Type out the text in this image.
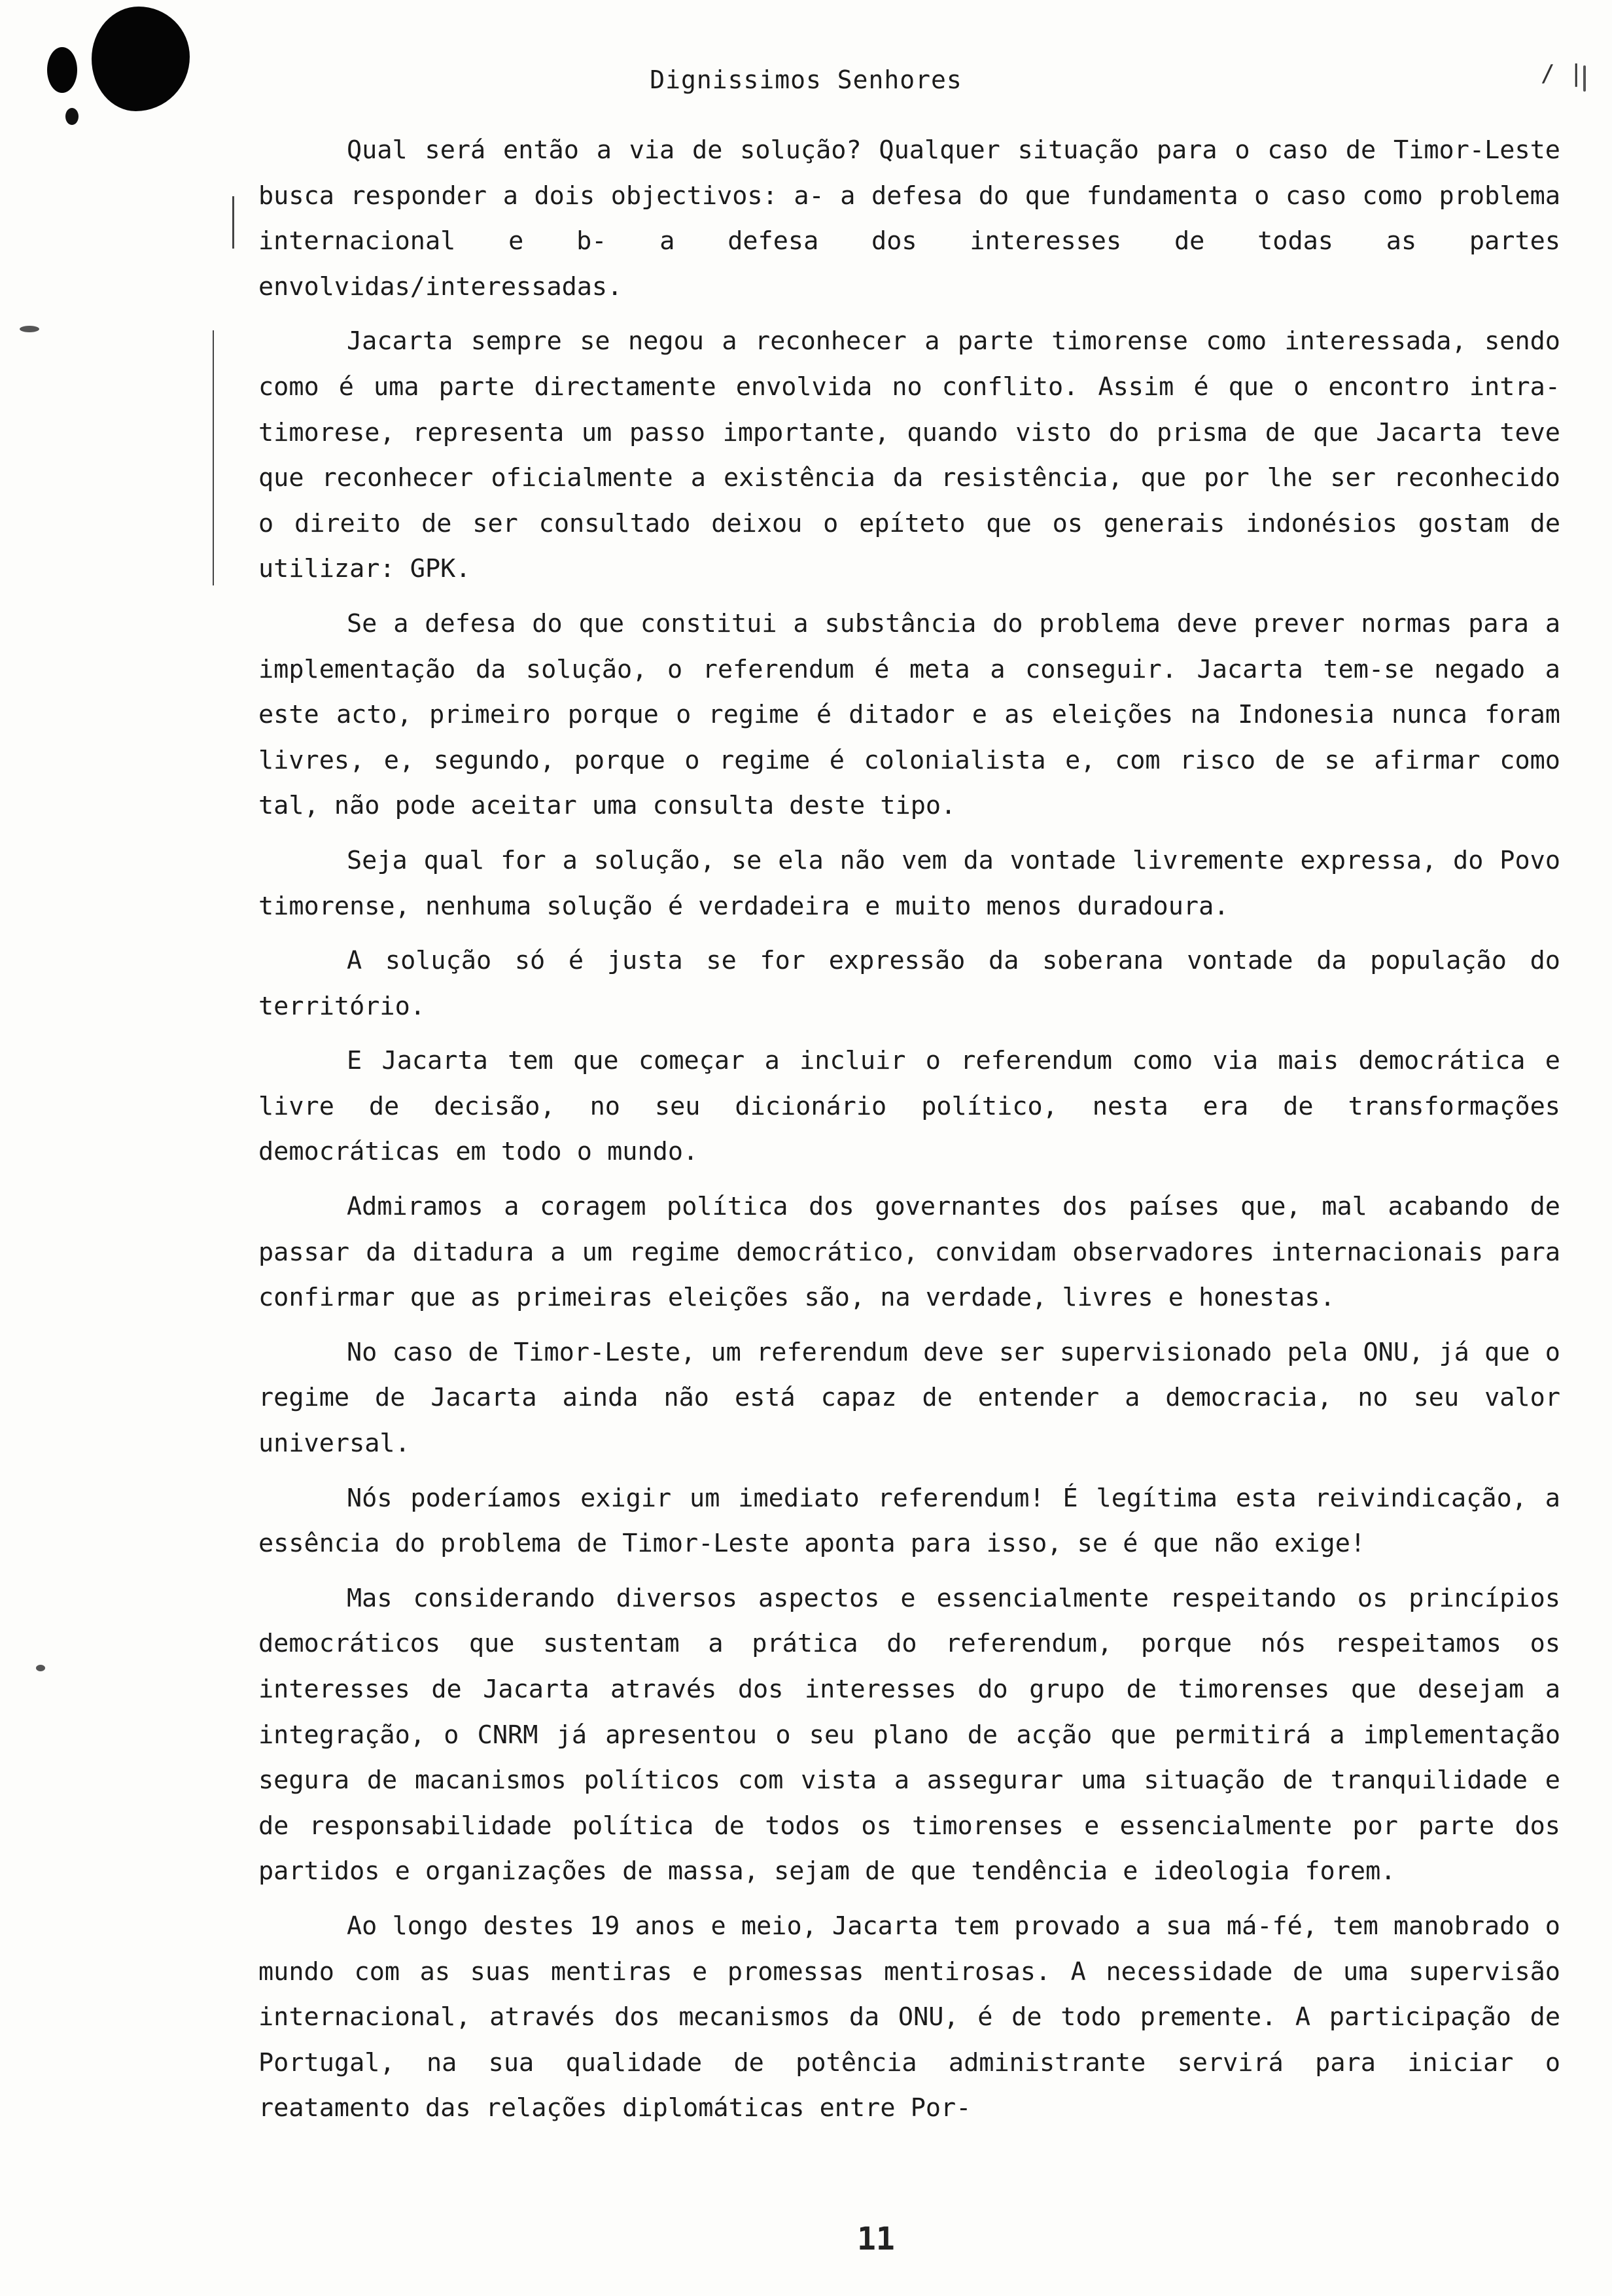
Dignissimos Senhores	/ |

Qual será então a via de solução? Qualquer situação para o caso de Timor-Leste busca responder a dois objectivos: a- a defesa do que fundamenta o caso como problema internacional e b- a defesa dos interesses de todas as partes envolvidas/interessadas.

Jacarta sempre se negou a reconhecer a parte timorense como interessada, sendo como é uma parte directamente envolvida no conflito. Assim é que o encontro intra-timorese, representa um passo importante, quando visto do prisma de que Jacarta teve que reconhecer oficialmente a existência da resistência, que por lhe ser reconhecido o direito de ser consultado deixou o epíteto que os generais indonésios gostam de utilizar: GPK.

Se a defesa do que constitui a substância do problema deve prever normas para a implementação da solução, o referendum é meta a conseguir. Jacarta tem-se negado a este acto, primeiro porque o regime é ditador e as eleições na Indonesia nunca foram livres, e, segundo, porque o regime é colonialista e, com risco de se afirmar como tal, não pode aceitar uma consulta deste tipo.

Seja qual for a solução, se ela não vem da vontade livremente expressa, do Povo timorense, nenhuma solução é verdadeira e muito menos duradoura.

A solução só é justa se for expressão da soberana vontade da população do território.

E Jacarta tem que começar a incluir o referendum como via mais democrática e livre de decisão, no seu dicionário político, nesta era de transformações democráticas em todo o mundo.

Admiramos a coragem política dos governantes dos países que, mal acabando de passar da ditadura a um regime democrático, convidam observadores internacionais para confirmar que as primeiras eleições são, na verdade, livres e honestas.

No caso de Timor-Leste, um referendum deve ser supervisionado pela ONU, já que o regime de Jacarta ainda não está capaz de entender a democracia, no seu valor universal.

Nós poderíamos exigir um imediato referendum! É legítima esta reivindicação, a essência do problema de Timor-Leste aponta para isso, se é que não exige!

Mas considerando diversos aspectos e essencialmente respeitando os princípios democráticos que sustentam a prática do referendum, porque nós respeitamos os interesses de Jacarta através dos interesses do grupo de timorenses que desejam a integração, o CNRM já apresentou o seu plano de acção que permitirá a implementação segura de macanismos políticos com vista a assegurar uma situação de tranquilidade e de responsabilidade política de todos os timorenses e essencialmente por parte dos partidos e organizações de massa, sejam de que tendência e ideologia forem.

Ao longo destes 19 anos e meio, Jacarta tem provado a sua má-fé, tem manobrado o mundo com as suas mentiras e promessas mentirosas. A necessidade de uma supervisão internacional, através dos mecanismos da ONU, é de todo premente. A participação de Portugal, na sua qualidade de potência administrante servirá para iniciar o reatamento das relações diplomáticas entre Por-

11
